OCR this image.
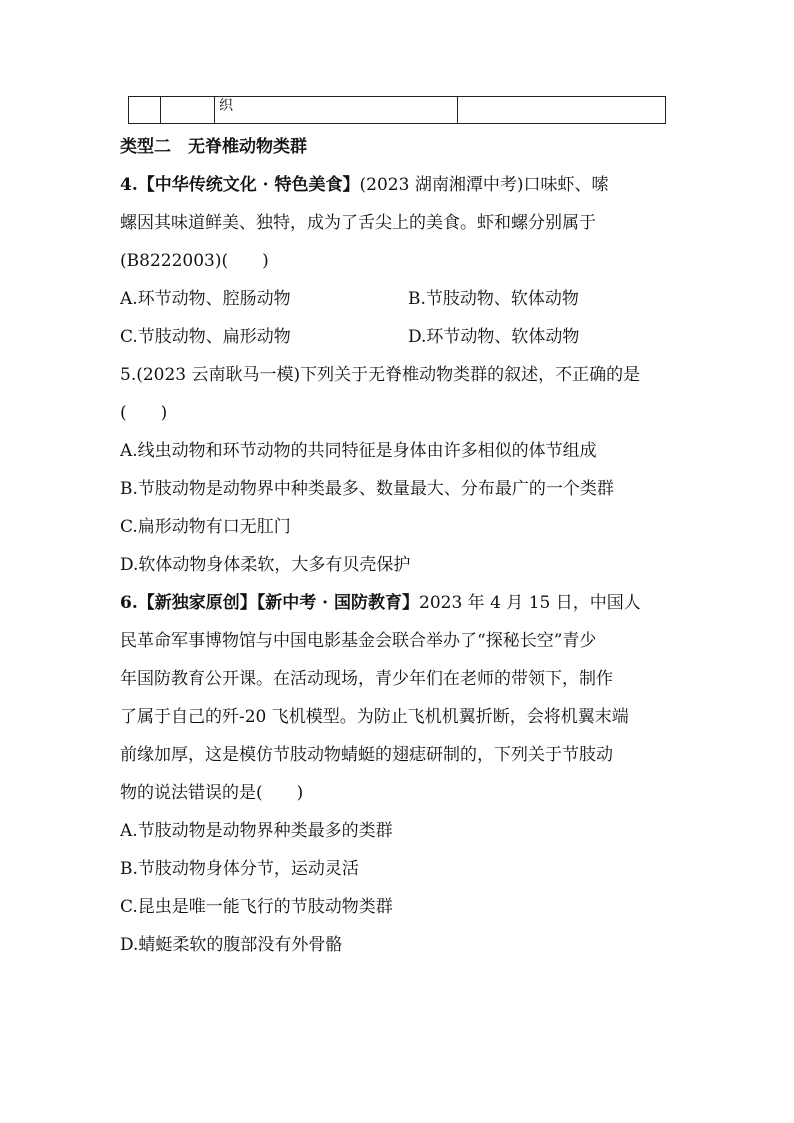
		织	
类型二　无脊椎动物类群
4.【中华传统文化 · 特色美食】(2023 湖南湘潭中考)口味虾、嗦
螺因其味道鲜美、独特，成为了舌尖上的美食。虾和螺分别属于
(B8222003)(　　)
A.环节动物、腔肠动物	B.节肢动物、软体动物
C.节肢动物、扁形动物	D.环节动物、软体动物
5.(2023 云南耿马一模)下列关于无脊椎动物类群的叙述，不正确的是
(　　)
A.线虫动物和环节动物的共同特征是身体由许多相似的体节组成
B.节肢动物是动物界中种类最多、数量最大、分布最广的一个类群
C.扁形动物有口无肛门
D.软体动物身体柔软，大多有贝壳保护
6.【新独家原创】【新中考 · 国防教育】2023 年 4 月 15 日，中国人
民革命军事博物馆与中国电影基金会联合举办了“探秘长空”青少
年国防教育公开课。在活动现场，青少年们在老师的带领下，制作
了属于自己的歼-20 飞机模型。为防止飞机机翼折断，会将机翼末端
前缘加厚，这是模仿节肢动物蜻蜓的翅痣研制的，下列关于节肢动
物的说法错误的是(　　)
A.节肢动物是动物界种类最多的类群
B.节肢动物身体分节，运动灵活
C.昆虫是唯一能飞行的节肢动物类群
D.蜻蜓柔软的腹部没有外骨骼
